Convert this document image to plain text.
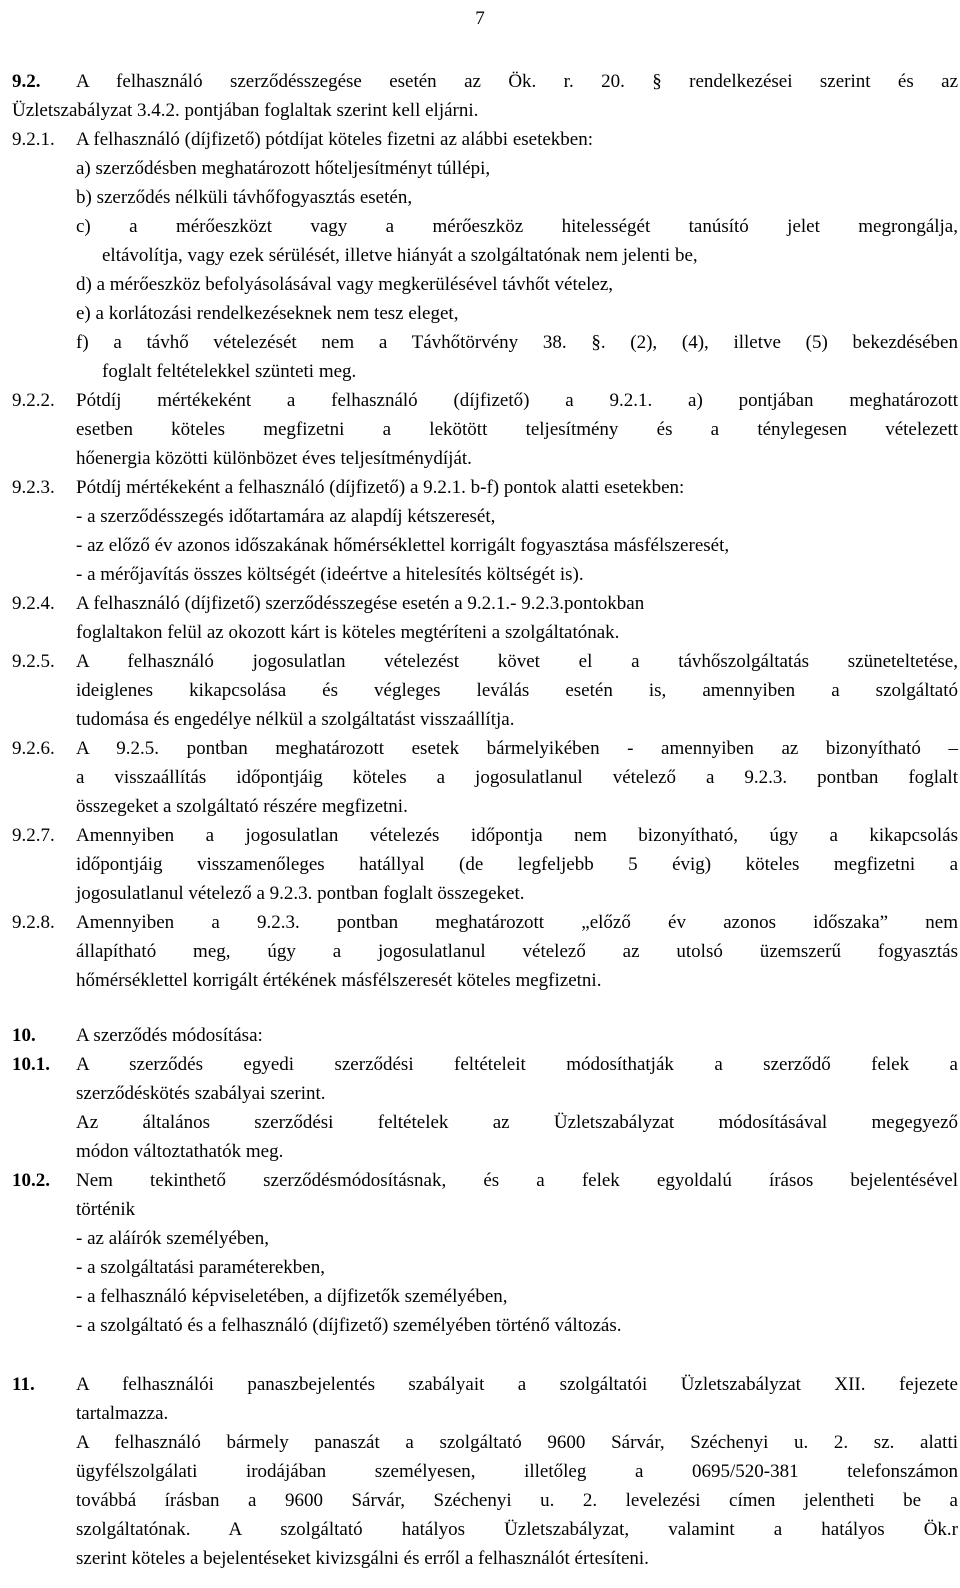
7
9.2.	A felhasználó szerződésszegése esetén az Ök. r. 20. § rendelkezései szerint és az
Üzletszabályzat 3.4.2. pontjában foglaltak szerint kell eljárni.
9.2.1.	A felhasználó (díjfizető) pótdíjat köteles fizetni az alábbi esetekben:
a) szerződésben meghatározott hőteljesítményt túllépi,
b) szerződés nélküli távhőfogyasztás esetén,
c) a mérőeszközt vagy a mérőeszköz hitelességét tanúsító jelet megrongálja,
eltávolítja, vagy ezek sérülését, illetve hiányát a szolgáltatónak nem jelenti be,
d) a mérőeszköz befolyásolásával vagy megkerülésével távhőt vételez,
e) a korlátozási rendelkezéseknek nem tesz eleget,
f) a távhő vételezését nem a Távhőtörvény 38. §. (2), (4), illetve (5) bekezdésében
foglalt feltételekkel szünteti meg.
9.2.2.	Pótdíj mértékeként a felhasználó (díjfizető) a 9.2.1. a) pontjában meghatározott
esetben köteles megfizetni a lekötött teljesítmény és a ténylegesen vételezett
hőenergia közötti különbözet éves teljesítménydíját.
9.2.3.	Pótdíj mértékeként a felhasználó (díjfizető) a 9.2.1. b-f) pontok alatti esetekben:
- a szerződésszegés időtartamára az alapdíj kétszeresét,
- az előző év azonos időszakának hőmérséklettel korrigált fogyasztása másfélszeresét,
- a mérőjavítás összes költségét (ideértve a hitelesítés költségét is).
9.2.4.	A felhasználó (díjfizető) szerződésszegése esetén a 9.2.1.- 9.2.3.pontokban
foglaltakon felül az okozott kárt is köteles megtéríteni a szolgáltatónak.
9.2.5.	A felhasználó jogosulatlan vételezést követ el a távhőszolgáltatás szüneteltetése,
ideiglenes kikapcsolása és végleges leválás esetén is, amennyiben a szolgáltató
tudomása és engedélye nélkül a szolgáltatást visszaállítja.
9.2.6.	A 9.2.5. pontban meghatározott esetek bármelyikében - amennyiben az bizonyítható –
a visszaállítás időpontjáig köteles a jogosulatlanul vételező a 9.2.3. pontban foglalt
összegeket a szolgáltató részére megfizetni.
9.2.7.	Amennyiben a jogosulatlan vételezés időpontja nem bizonyítható, úgy a kikapcsolás
időpontjáig visszamenőleges hatállyal (de legfeljebb 5 évig) köteles megfizetni a
jogosulatlanul vételező a 9.2.3. pontban foglalt összegeket.
9.2.8.	Amennyiben a 9.2.3. pontban meghatározott „előző év azonos időszaka” nem
állapítható meg, úgy a jogosulatlanul vételező az utolsó üzemszerű fogyasztás
hőmérséklettel korrigált értékének másfélszeresét köteles megfizetni.
10.	A szerződés módosítása:
10.1.	A szerződés egyedi szerződési feltételeit módosíthatják a szerződő felek a
szerződéskötés szabályai szerint.
Az általános szerződési feltételek az Üzletszabályzat módosításával megegyező
módon változtathatók meg.
10.2.	Nem tekinthető szerződésmódosításnak, és a felek egyoldalú írásos bejelentésével
történik
- az aláírók személyében,
- a szolgáltatási paraméterekben,
- a felhasználó képviseletében, a díjfizetők személyében,
- a szolgáltató és a felhasználó (díjfizető) személyében történő változás.
11.	A felhasználói panaszbejelentés szabályait a szolgáltatói Üzletszabályzat XII. fejezete
tartalmazza.
A felhasználó bármely panaszát a szolgáltató 9600 Sárvár, Széchenyi u. 2. sz. alatti
ügyfélszolgálati irodájában személyesen, illetőleg a 0695/520-381 telefonszámon
továbbá írásban a 9600 Sárvár, Széchenyi u. 2. levelezési címen jelentheti be a
szolgáltatónak. A szolgáltató hatályos Üzletszabályzat, valamint a hatályos Ök.r
szerint köteles a bejelentéseket kivizsgálni és erről a felhasználót értesíteni.
